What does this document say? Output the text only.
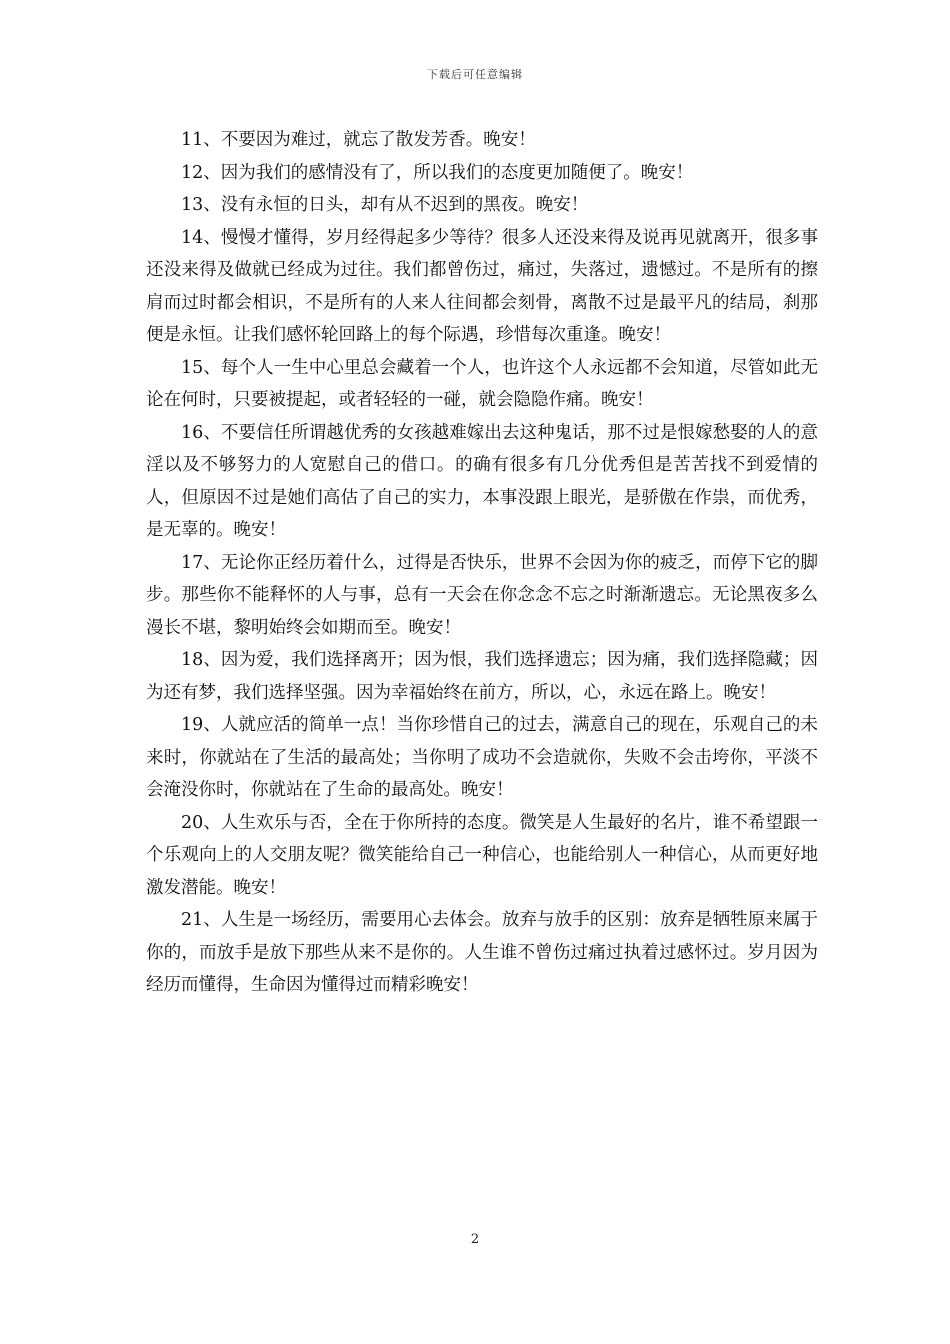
下载后可任意编辑

11、不要因为难过，就忘了散发芳香。晚安！

12、因为我们的感情没有了，所以我们的态度更加随便了。晚安！

13、没有永恒的日头，却有从不迟到的黑夜。晚安！

14、慢慢才懂得，岁月经得起多少等待？很多人还没来得及说再见就离开，很多事还没来得及做就已经成为过往。我们都曾伤过，痛过，失落过，遗憾过。不是所有的擦肩而过时都会相识，不是所有的人来人往间都会刻骨，离散不过是最平凡的结局，刹那便是永恒。让我们感怀轮回路上的每个际遇，珍惜每次重逢。晚安！

15、每个人一生中心里总会藏着一个人，也许这个人永远都不会知道，尽管如此无论在何时，只要被提起，或者轻轻的一碰，就会隐隐作痛。晚安！

16、不要信任所谓越优秀的女孩越难嫁出去这种鬼话，那不过是恨嫁愁娶的人的意淫以及不够努力的人宽慰自己的借口。的确有很多有几分优秀但是苦苦找不到爱情的人，但原因不过是她们高估了自己的实力，本事没跟上眼光，是骄傲在作祟，而优秀，是无辜的。晚安！

17、无论你正经历着什么，过得是否快乐，世界不会因为你的疲乏，而停下它的脚步。那些你不能释怀的人与事，总有一天会在你念念不忘之时渐渐遗忘。无论黑夜多么漫长不堪，黎明始终会如期而至。晚安！

18、因为爱，我们选择离开；因为恨，我们选择遗忘；因为痛，我们选择隐藏；因为还有梦，我们选择坚强。因为幸福始终在前方，所以，心，永远在路上。晚安！

19、人就应活的简单一点！当你珍惜自己的过去，满意自己的现在，乐观自己的未来时，你就站在了生活的最高处；当你明了成功不会造就你，失败不会击垮你，平淡不会淹没你时，你就站在了生命的最高处。晚安！

20、人生欢乐与否，全在于你所持的态度。微笑是人生最好的名片，谁不希望跟一个乐观向上的人交朋友呢？微笑能给自己一种信心，也能给别人一种信心，从而更好地激发潜能。晚安！

21、人生是一场经历，需要用心去体会。放弃与放手的区别：放弃是牺牲原来属于你的，而放手是放下那些从来不是你的。人生谁不曾伤过痛过执着过感怀过。岁月因为经历而懂得，生命因为懂得过而精彩晚安！

2
